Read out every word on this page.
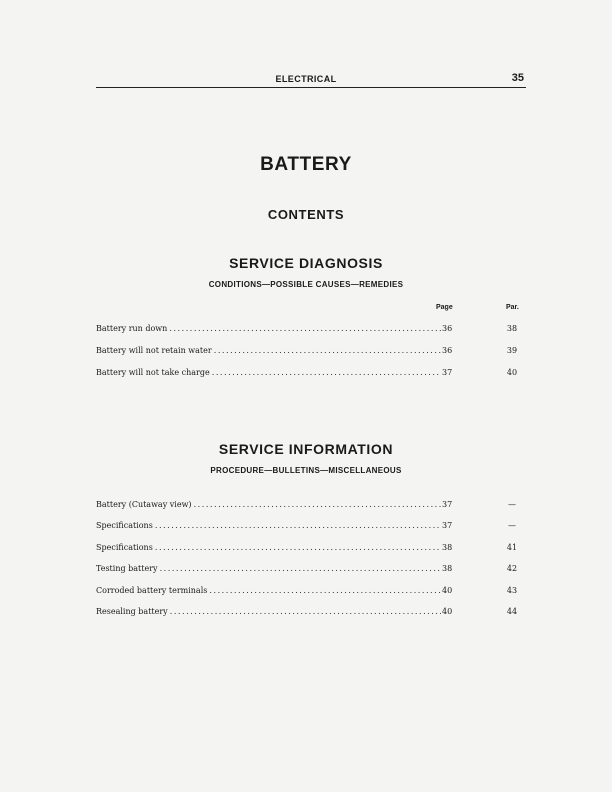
ELECTRICAL	35
BATTERY
CONTENTS
SERVICE DIAGNOSIS
CONDITIONS—POSSIBLE CAUSES—REMEDIES
Page	Par.
Battery run down . . .	36	38
Battery will not retain water . . .	36	39
Battery will not take charge . . .	37	40
SERVICE INFORMATION
PROCEDURE—BULLETINS—MISCELLANEOUS
Battery (Cutaway view) . . .	37	—
Specifications . . .	37	—
Specifications . . .	38	41
Testing battery . . .	38	42
Corroded battery terminals . . .	40	43
Resealing battery . . .	40	44
